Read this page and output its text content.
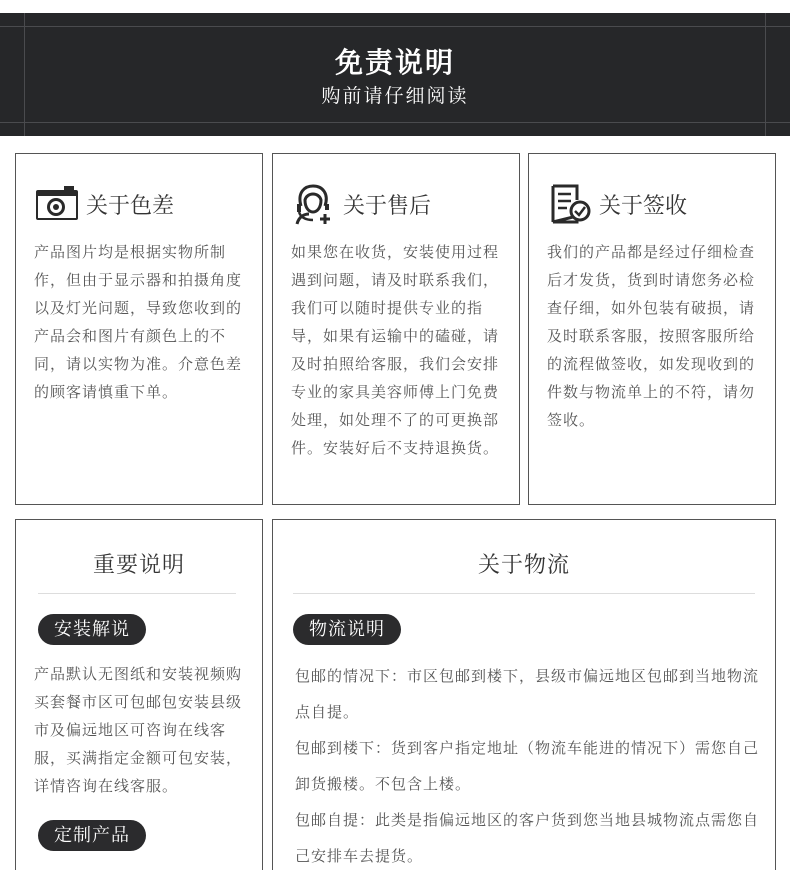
免责说明
购前请仔细阅读
关于色差
产品图片均是根据实物所制作，但由于显示器和拍摄角度以及灯光问题，导致您收到的产品会和图片有颜色上的不同，请以实物为准。介意色差的顾客请慎重下单。
关于售后
如果您在收货，安装使用过程遇到问题，请及时联系我们，我们可以随时提供专业的指导，如果有运输中的磕碰，请及时拍照给客服，我们会安排专业的家具美容师傅上门免费处理，如处理不了的可更换部件。安装好后不支持退换货。
关于签收
我们的产品都是经过仔细检查后才发货，货到时请您务必检查仔细，如外包装有破损，请及时联系客服，按照客服所给的流程做签收，如发现收到的件数与物流单上的不符，请勿签收。
重要说明
安装解说
产品默认无图纸和安装视频购买套餐市区可包邮包安装县级市及偏远地区可咨询在线客服，买满指定金额可包安装，详情咨询在线客服。
定制产品
关于物流
物流说明

包邮的情况下：市区包邮到楼下，县级市偏远地区包邮到当地物流点自提。

包邮到楼下：货到客户指定地址（物流车能进的情况下）需您自己卸货搬楼。不包含上楼。

包邮自提：此类是指偏远地区的客户货到您当地县城物流点需您自己安排车去提货。
